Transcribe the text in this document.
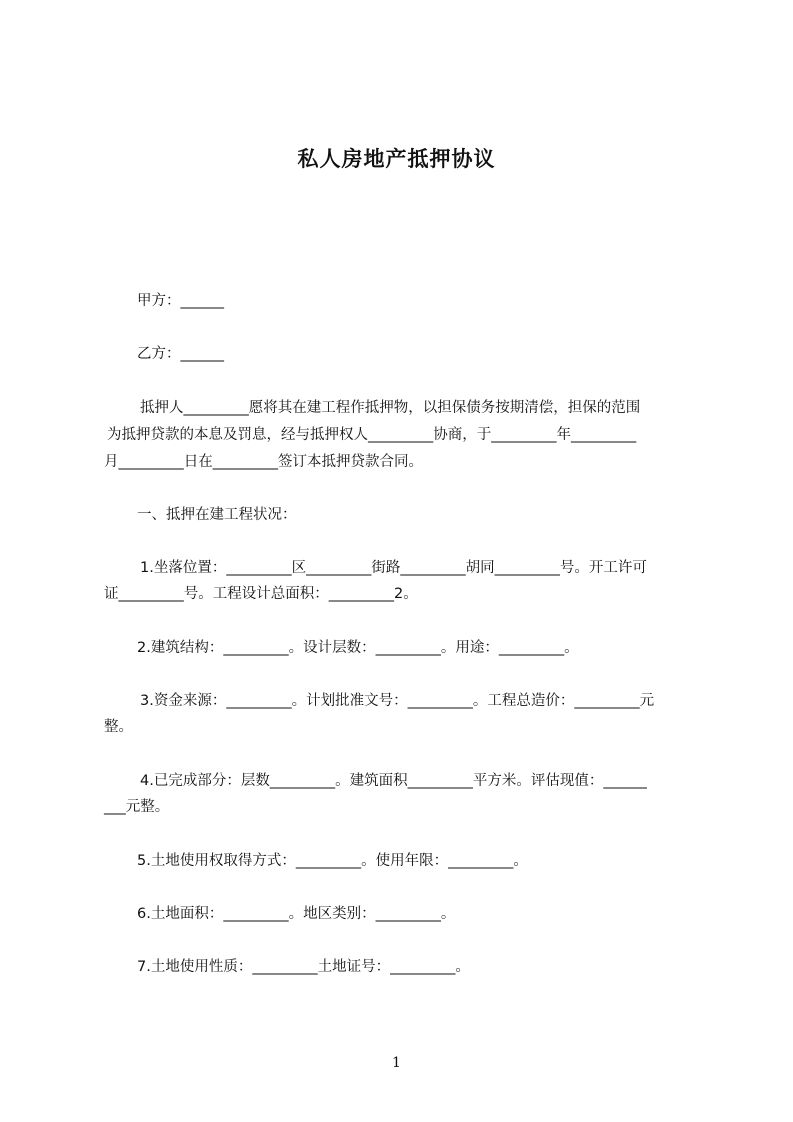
私人房地产抵押协议
甲方：______
乙方：______
抵押人_________愿将其在建工程作抵押物，以担保债务按期清偿，担保的范围
为抵押贷款的本息及罚息，经与抵押权人_________协商，于_________年_________
月_________日在_________签订本抵押贷款合同。
一、抵押在建工程状况：
1.坐落位置：_________区_________街路_________胡同_________号。开工许可
证_________号。工程设计总面积：_________2。
2.建筑结构：_________。设计层数：_________。用途：_________。
3.资金来源：_________。计划批准文号：_________。工程总造价：_________元
整。
4.已完成部分：层数_________。建筑面积_________平方米。评估现值：______
___元整。
5.土地使用权取得方式：_________。使用年限：_________。
6.土地面积：_________。地区类别：_________。
7.土地使用性质：_________土地证号：_________。
1
